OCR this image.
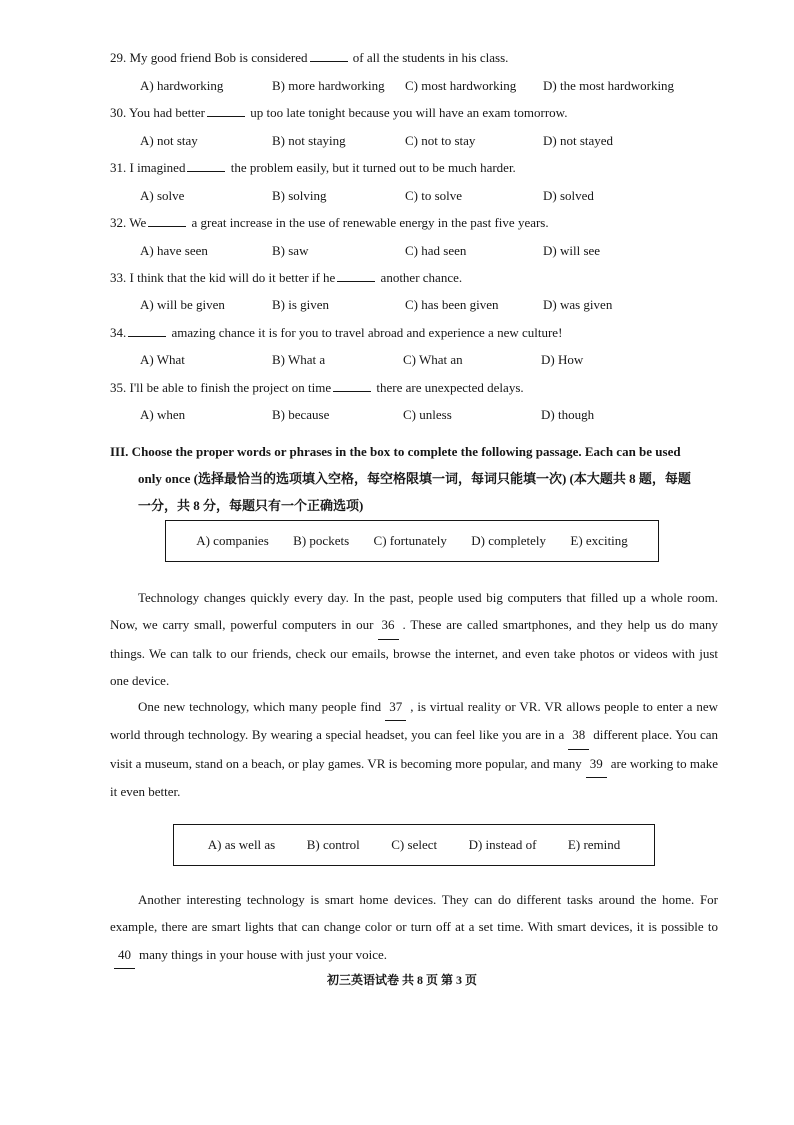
29. My good friend Bob is considered	of all the students in his class.
A) hardworking	B) more hardworking C) most hardworking D) the most hardworking
30. You had better	up too late tonight because you will have an exam tomorrow.
A) not stay	B) not staying	C) not to stay	D) not stayed
31. I imagined	the problem easily, but it turned out to be much harder.
A) solve	B) solving	C) to solve	D) solved
32. We	a great increase in the use of renewable energy in the past five years.
A) have seen	B) saw	C) had seen	D) will see
33. I think that the kid will do it better if he	another chance.
A) will be given	B) is given	C) has been given	D) was given
34.	amazing chance it is for you to travel abroad and experience a new culture!
A) What	B) What a	C) What an	D) How
35. I'll be able to finish the project on time	there are unexpected delays.
A) when	B) because	C) unless	D) though
III. Choose the proper words or phrases in the box to complete the following passage. Each can be used
only once (选择最恰当的选项填入空格，每空格限填一词，每词只能填一次) (本大题共 8 题，每题
一分，共 8 分，每题只有一个正确选项)
A) companies B) pockets C) fortunately D) completely E) exciting
Technology changes quickly every day. In the past, people used big computers that filled up a whole room. Now, we carry small, powerful computers in our 36 . These are called smartphones, and they help us do many things. We can talk to our friends, check our emails, browse the internet, and even take photos or videos with just one device.
One new technology, which many people find 37 , is virtual reality or VR. VR allows people to enter a new world through technology. By wearing a special headset, you can feel like you are in a 38 different place. You can visit a museum, stand on a beach, or play games. VR is becoming more popular, and many 39 are working to make it even better.
A) as well as B) control C) select D) instead of E) remind
Another interesting technology is smart home devices. They can do different tasks around the home. For example, there are smart lights that can change color or turn off at a set time. With smart devices, it is possible to40 many things in your house with just your voice.
初三英语试卷 共 8 页 第 3 页
